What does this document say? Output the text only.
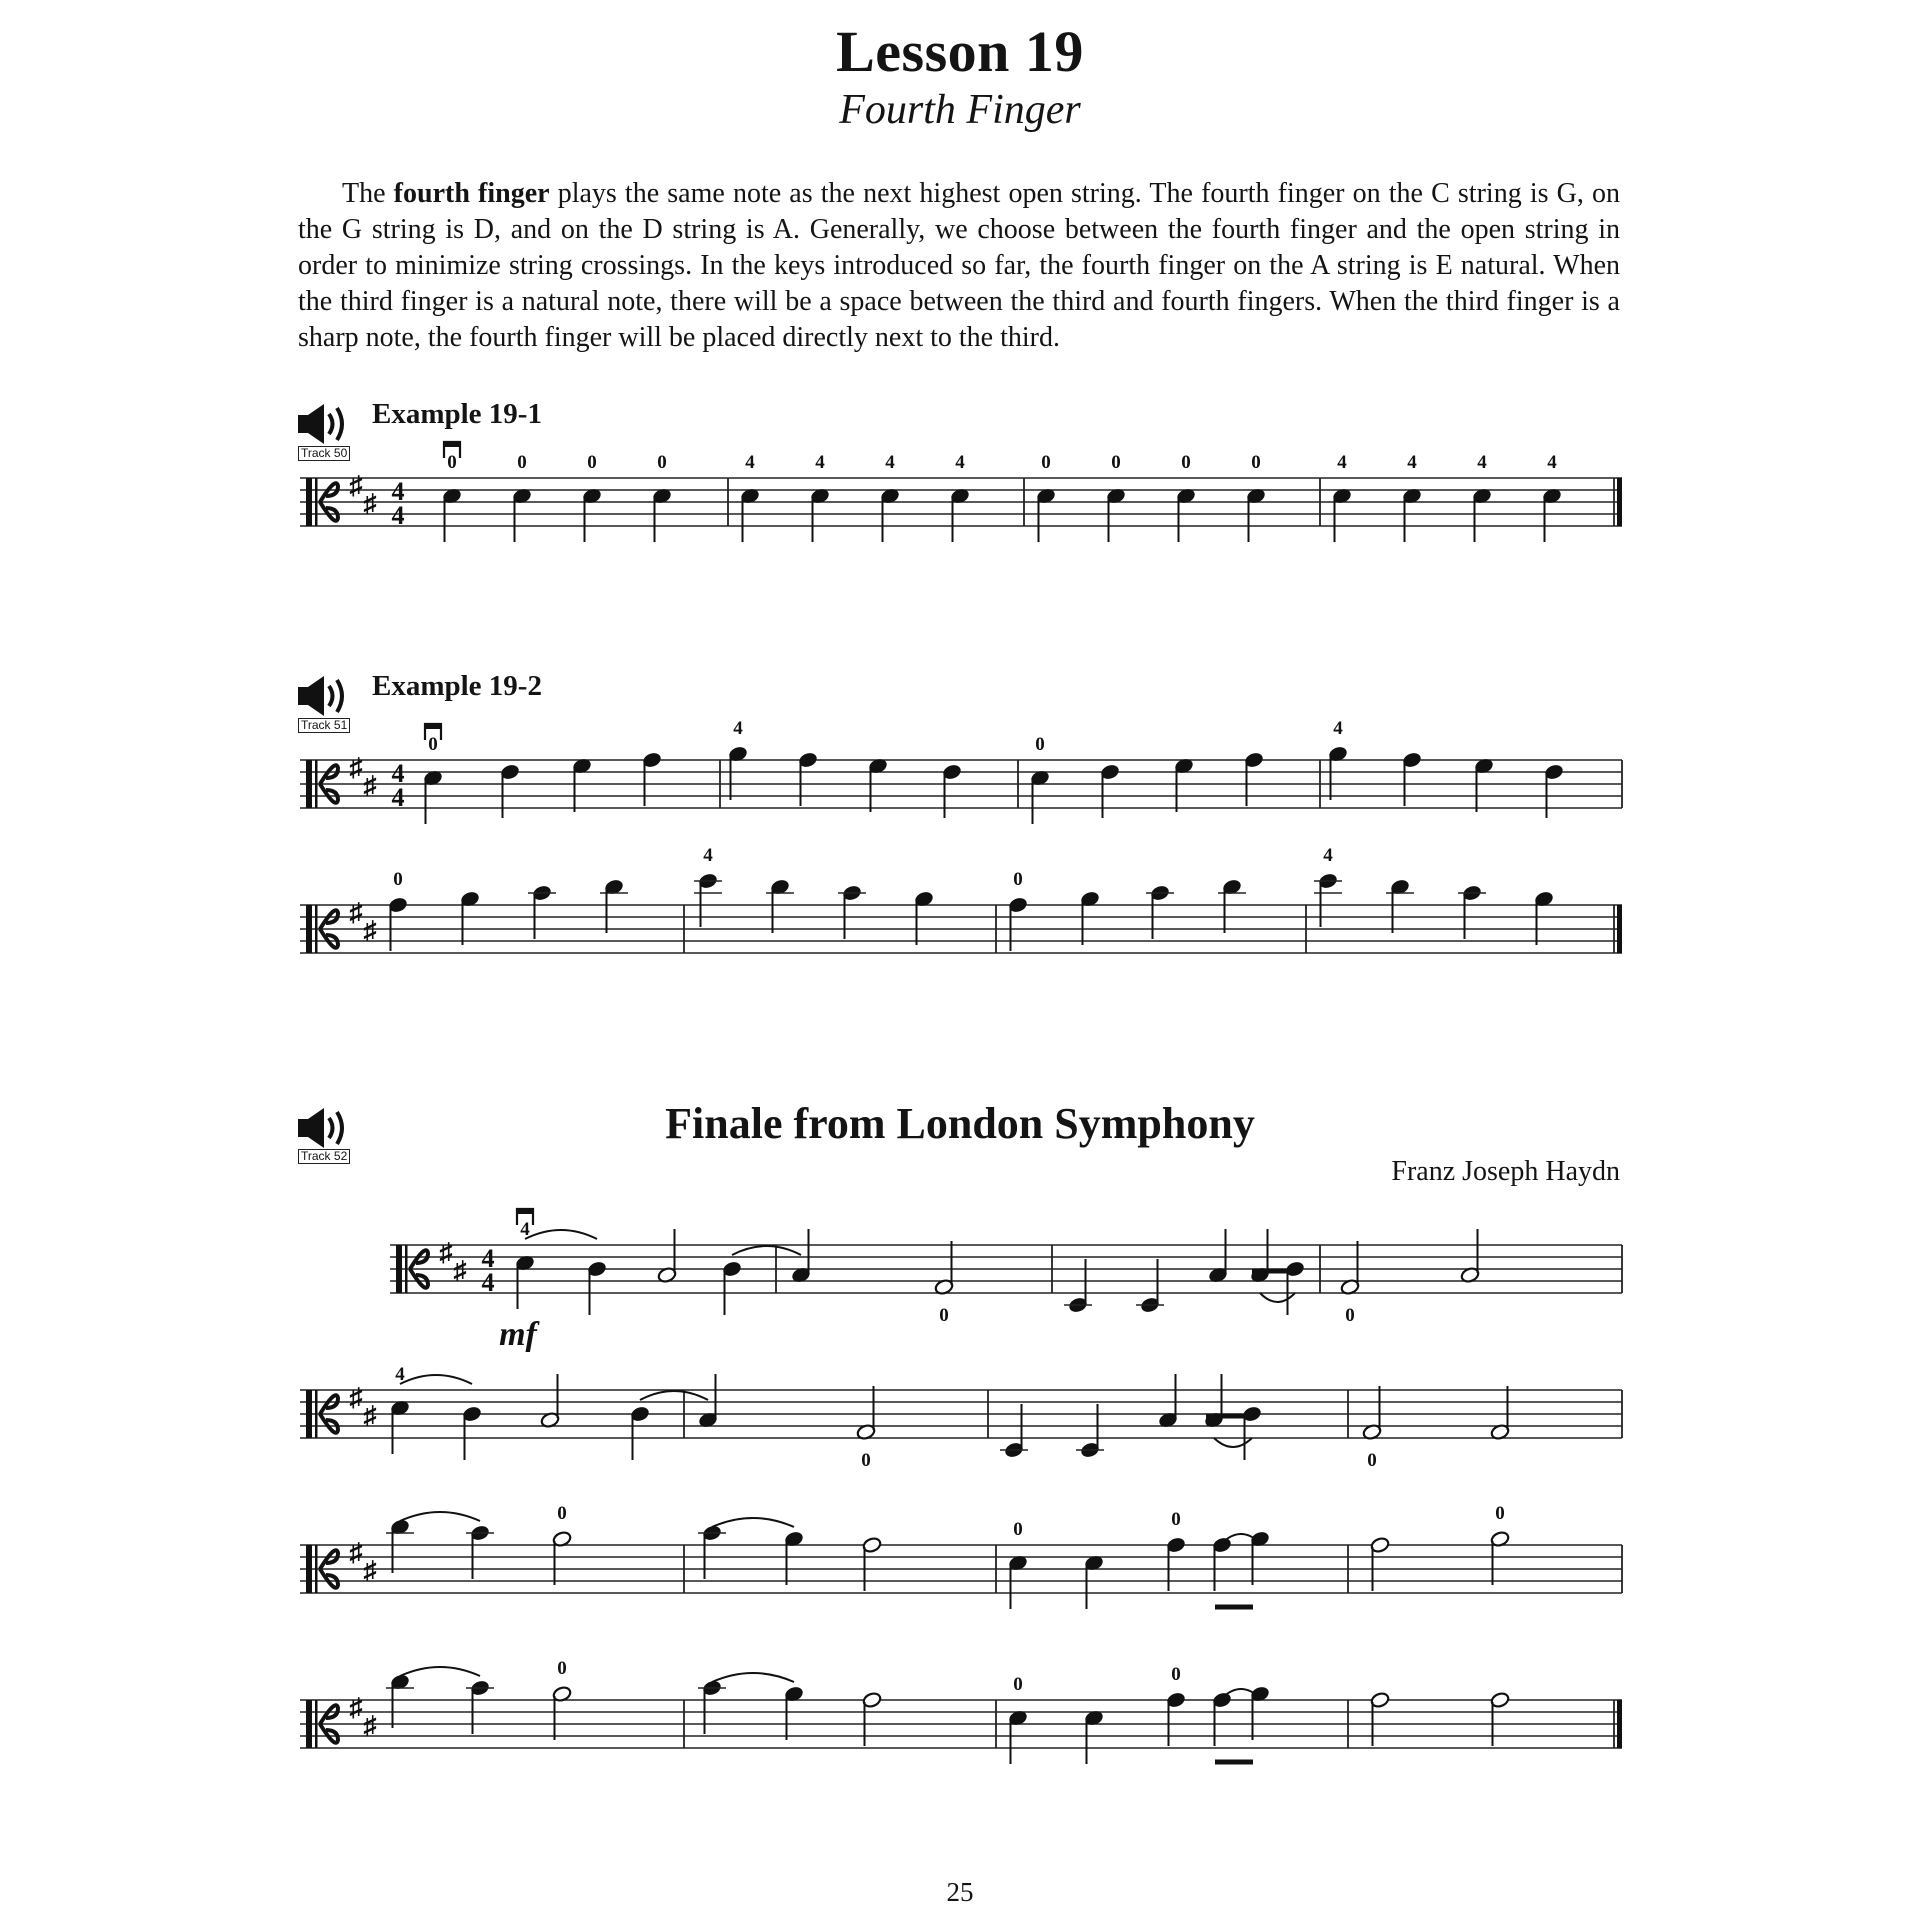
Lesson 19
Fourth Finger
The fourth finger plays the same note as the next highest open string. The fourth finger on the C string is G, on the G string is D, and on the D string is A. Generally, we choose between the fourth finger and the open string in order to minimize string crossings. In the keys introduced so far, the fourth finger on the A string is E natural. When the third finger is a natural note, there will be a space between the third and fourth fingers. When the third finger is a sharp note, the fourth finger will be placed directly next to the third.
Track 50
Example 19-1
Track 51
Example 19-2
Track 52
Finale from London Symphony
Franz Joseph Haydn
25
♯
♯ 4
4
0	0	0	0	4	4	4	4	0	0	0	0	4	4	4	4
♯
♯ 4
4
0
4
0
4
♯
♯
0
4
0
4
♯
♯ 4
4
4
0	0
mf
♯
♯
4
0	0
♯
♯
0
0	0	0
♯
♯
0
0	0
